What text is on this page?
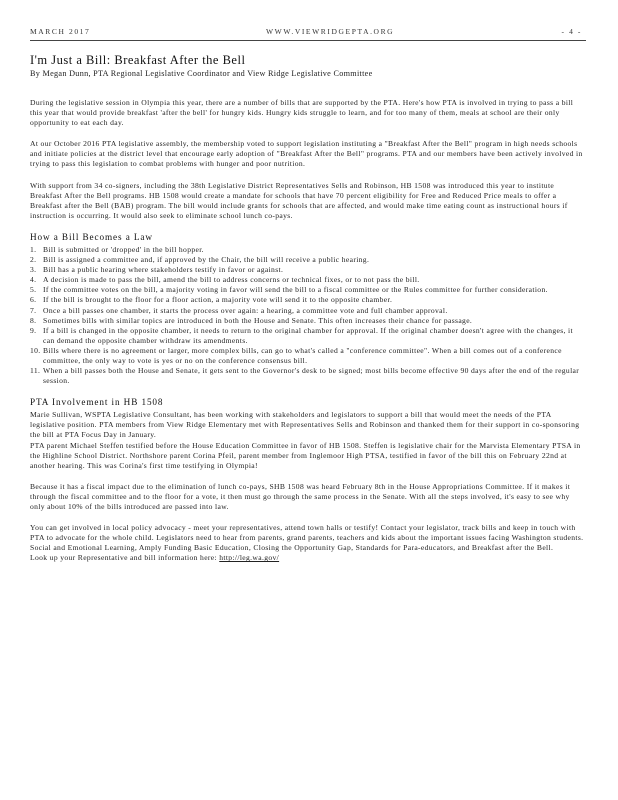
MARCH 2017	WWW.VIEWRIDGEPTA.ORG	- 4 -
I'm Just a Bill: Breakfast After the Bell
By Megan Dunn, PTA Regional Legislative Coordinator and View Ridge Legislative Committee

During the legislative session in Olympia this year, there are a number of bills that are supported by the PTA. Here's how PTA is involved in trying to pass a bill this year that would provide breakfast 'after the bell' for hungry kids. Hungry kids struggle to learn, and for too many of them, meals at school are their only opportunity to eat each day.

At our October 2016 PTA legislative assembly, the membership voted to support legislation instituting a "Breakfast After the Bell" program in high needs schools and initiate policies at the district level that encourage early adoption of "Breakfast After the Bell" programs. PTA and our members have been actively involved in trying to pass this legislation to combat problems with hunger and poor nutrition.

With support from 34 co-signers, including the 38th Legislative District Representatives Sells and Robinson, HB 1508 was introduced this year to institute Breakfast After the Bell programs. HB 1508 would create a mandate for schools that have 70 percent eligibility for Free and Reduced Price meals to offer a Breakfast after the Bell (BAB) program. The bill would include grants for schools that are affected, and would make time eating count as instructional hours if instruction is occurring. It would also seek to eliminate school lunch co-pays.

How a Bill Becomes a Law
1. Bill is submitted or 'dropped' in the bill hopper.
2. Bill is assigned a committee and, if approved by the Chair, the bill will receive a public hearing.
3. Bill has a public hearing where stakeholders testify in favor or against.
4. A decision is made to pass the bill, amend the bill to address concerns or technical fixes, or to not pass the bill.
5. If the committee votes on the bill, a majority voting in favor will send the bill to a fiscal committee or the Rules committee for further consideration.
6. If the bill is brought to the floor for a floor action, a majority vote will send it to the opposite chamber.
7. Once a bill passes one chamber, it starts the process over again: a hearing, a committee vote and full chamber approval.
8. Sometimes bills with similar topics are introduced in both the House and Senate. This often increases their chance for passage.
9. If a bill is changed in the opposite chamber, it needs to return to the original chamber for approval. If the original chamber doesn't agree with the changes, it can demand the opposite chamber withdraw its amendments.
10. Bills where there is no agreement or larger, more complex bills, can go to what's called a "conference committee". When a bill comes out of a conference committee, the only way to vote is yes or no on the conference consensus bill.
11. When a bill passes both the House and Senate, it gets sent to the Governor's desk to be signed; most bills become effective 90 days after the end of the regular session.
PTA Involvement in HB 1508

Marie Sullivan, WSPTA Legislative Consultant, has been working with stakeholders and legislators to support a bill that would meet the needs of the PTA legislative position. PTA members from View Ridge Elementary met with Representatives Sells and Robinson and thanked them for their support in co-sponsoring the bill at PTA Focus Day in January.

PTA parent Michael Steffen testified before the House Education Committee in favor of HB 1508. Steffen is legislative chair for the Marvista Elementary PTSA in the Highline School District. Northshore parent Corina Pfeil, parent member from Inglemoor High PTSA, testified in favor of the bill this on February 22nd at another hearing. This was Corina's first time testifying in Olympia!

Because it has a fiscal impact due to the elimination of lunch co-pays, SHB 1508 was heard February 8th in the House Appropriations Committee. If it makes it through the fiscal committee and to the floor for a vote, it then must go through the same process in the Senate. With all the steps involved, it's easy to see why only about 10% of the bills introduced are passed into law.

You can get involved in local policy advocacy - meet your representatives, attend town halls or testify! Contact your legislator, track bills and keep in touch with PTA to advocate for the whole child. Legislators need to hear from parents, grand parents, teachers and kids about the important issues facing Washington students. Social and Emotional Learning, Amply Funding Basic Education, Closing the Opportunity Gap, Standards for Para-educators, and Breakfast after the Bell.

Look up your Representative and bill information here: http://leg.wa.gov/
